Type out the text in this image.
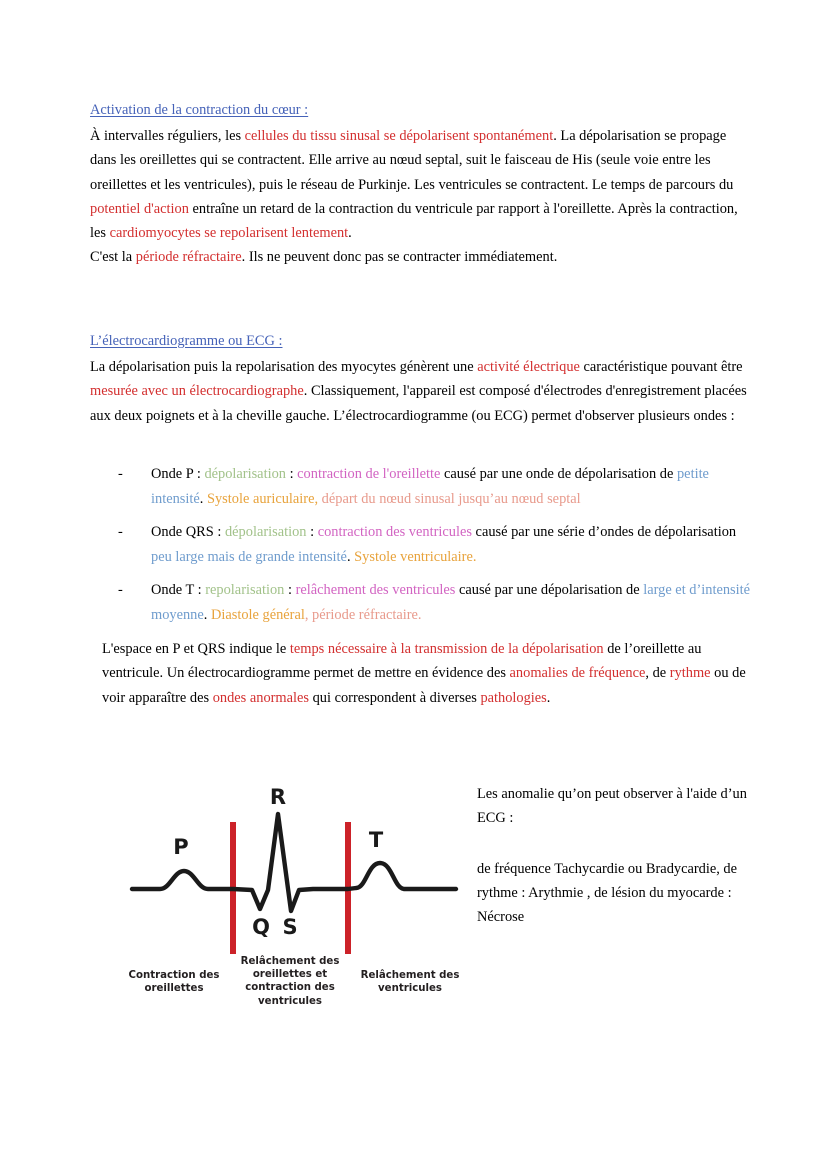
Activation de la contraction du cœur :

À intervalles réguliers, les cellules du tissu sinusal se dépolarisent spontanément. La dépolarisation se propage dans les oreillettes qui se contractent. Elle arrive au nœud septal, suit le faisceau de His (seule voie entre les oreillettes et les ventricules), puis le réseau de Purkinje. Les ventricules se contractent. Le temps de parcours du potentiel d'action entraîne un retard de la contraction du ventricule par rapport à l'oreillette. Après la contraction, les cardiomyocytes se repolarisent lentement.
C'est la période réfractaire. Ils ne peuvent donc pas se contracter immédiatement.

L’électrocardiogramme ou ECG :

La dépolarisation puis la repolarisation des myocytes génèrent une activité électrique caractéristique pouvant être mesurée avec un électrocardiographe. Classiquement, l'appareil est composé d'électrodes d'enregistrement placées aux deux poignets et à la cheville gauche. L’électrocardiogramme (ou ECG) permet d'observer plusieurs ondes :

-	Onde P : dépolarisation : contraction de l'oreillette causé par une onde de dépolarisation de petite intensité. Systole auriculaire, départ du nœud sinusal jusqu’au nœud septal
-	Onde QRS : dépolarisation : contraction des ventricules causé par une série d’ondes de dépolarisation peu large mais de grande intensité. Systole ventriculaire.
-	Onde T : repolarisation : relâchement des ventricules causé par une dépolarisation de large et d’intensité moyenne. Diastole général, période réfractaire.

L'espace en P et QRS indique le temps nécessaire à la transmission de la dépolarisation de l’oreillette au ventricule. Un électrocardiogramme permet de mettre en évidence des anomalies de fréquence, de rythme ou de voir apparaître des ondes anormales qui correspondent à diverses pathologies.

P
R
Q S
T
Contraction des oreillettes
Relâchement des oreillettes et contraction des ventricules
Relâchement des ventricules
Les anomalie qu’on peut observer à l'aide d’un ECG :
de fréquence Tachycardie ou Bradycardie, de rythme : Arythmie , de lésion du myocarde : Nécrose
